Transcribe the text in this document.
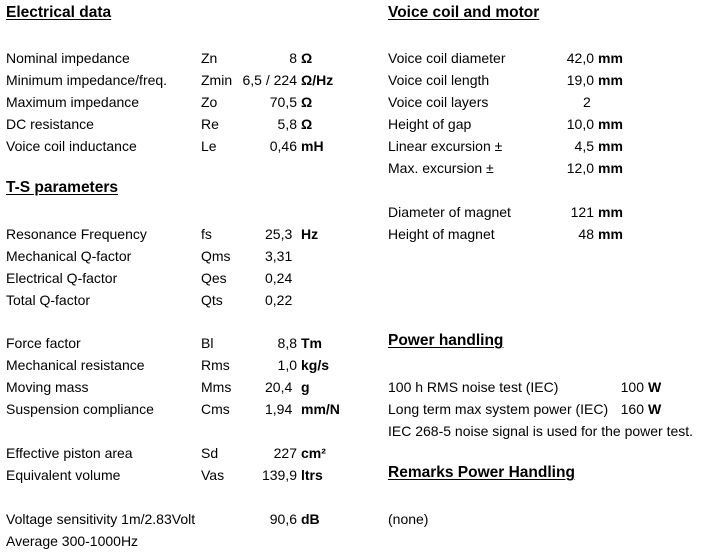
Electrical data
Nominal impedance	Zn	8 Ω
Minimum impedance/freq. Zmin 6,5 / 224 Ω/Hz
Maximum impedance	Zo	70,5 Ω
DC resistance	Re	5,8 Ω
Voice coil inductance	Le	0,46 mH
T-S parameters
Resonance Frequency	fs	25,3 Hz
Mechanical Q-factor	Qms 3,31
Electrical Q-factor	Qes	0,24
Total Q-factor	Qts	0,22
Force factor	Bl	8,8 Tm
Mechanical resistance	Rms	1,0 kg/s
Moving mass	Mms 20,4 g
Suspension compliance	Cms	1,94 mm/N
Effective piston area	Sd	227 cm²
Equivalent volume	Vas	139,9 ltrs
Voltage sensitivity 1m/2.83Volt	90,6 dB
Average 300-1000Hz
Voice coil and motor
Voice coil diameter	42,0 mm
Voice coil length	19,0 mm
Voice coil layers	2
Height of gap	10,0 mm
Linear excursion ±	4,5 mm
Max. excursion ±	12,0 mm
Diameter of magnet	121 mm
Height of magnet	48 mm
Power handling
100 h RMS noise test (IEC)	100 W
Long term max system power (IEC) 160 W
IEC 268-5 noise signal is used for the power test.
Remarks Power Handling
(none)
